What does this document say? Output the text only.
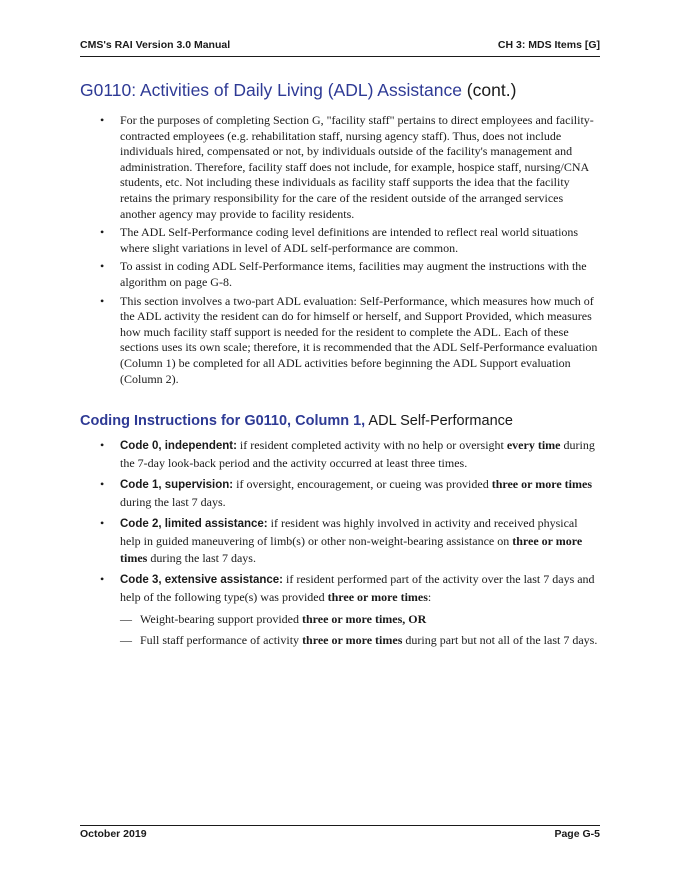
CMS's RAI Version 3.0 Manual	CH 3: MDS Items [G]
G0110: Activities of Daily Living (ADL) Assistance (cont.)
• For the purposes of completing Section G, "facility staff" pertains to direct employees and facility-contracted employees (e.g. rehabilitation staff, nursing agency staff). Thus, does not include individuals hired, compensated or not, by individuals outside of the facility's management and administration. Therefore, facility staff does not include, for example, hospice staff, nursing/CNA students, etc. Not including these individuals as facility staff supports the idea that the facility retains the primary responsibility for the care of the resident outside of the arranged services another agency may provide to facility residents.
• The ADL Self-Performance coding level definitions are intended to reflect real world situations where slight variations in level of ADL self-performance are common.
• To assist in coding ADL Self-Performance items, facilities may augment the instructions with the algorithm on page G-8.
• This section involves a two-part ADL evaluation: Self-Performance, which measures how much of the ADL activity the resident can do for himself or herself, and Support Provided, which measures how much facility staff support is needed for the resident to complete the ADL. Each of these sections uses its own scale; therefore, it is recommended that the ADL Self-Performance evaluation (Column 1) be completed for all ADL activities before beginning the ADL Support evaluation (Column 2).
Coding Instructions for G0110, Column 1, ADL Self-Performance
• Code 0, independent: if resident completed activity with no help or oversight every time during the 7-day look-back period and the activity occurred at least three times.
• Code 1, supervision: if oversight, encouragement, or cueing was provided three or more times during the last 7 days.
• Code 2, limited assistance: if resident was highly involved in activity and received physical help in guided maneuvering of limb(s) or other non-weight-bearing assistance on three or more times during the last 7 days.
• Code 3, extensive assistance: if resident performed part of the activity over the last 7 days and help of the following type(s) was provided three or more times:
— Weight-bearing support provided three or more times, OR
— Full staff performance of activity three or more times during part but not all of the last 7 days.
October 2019	Page G-5
